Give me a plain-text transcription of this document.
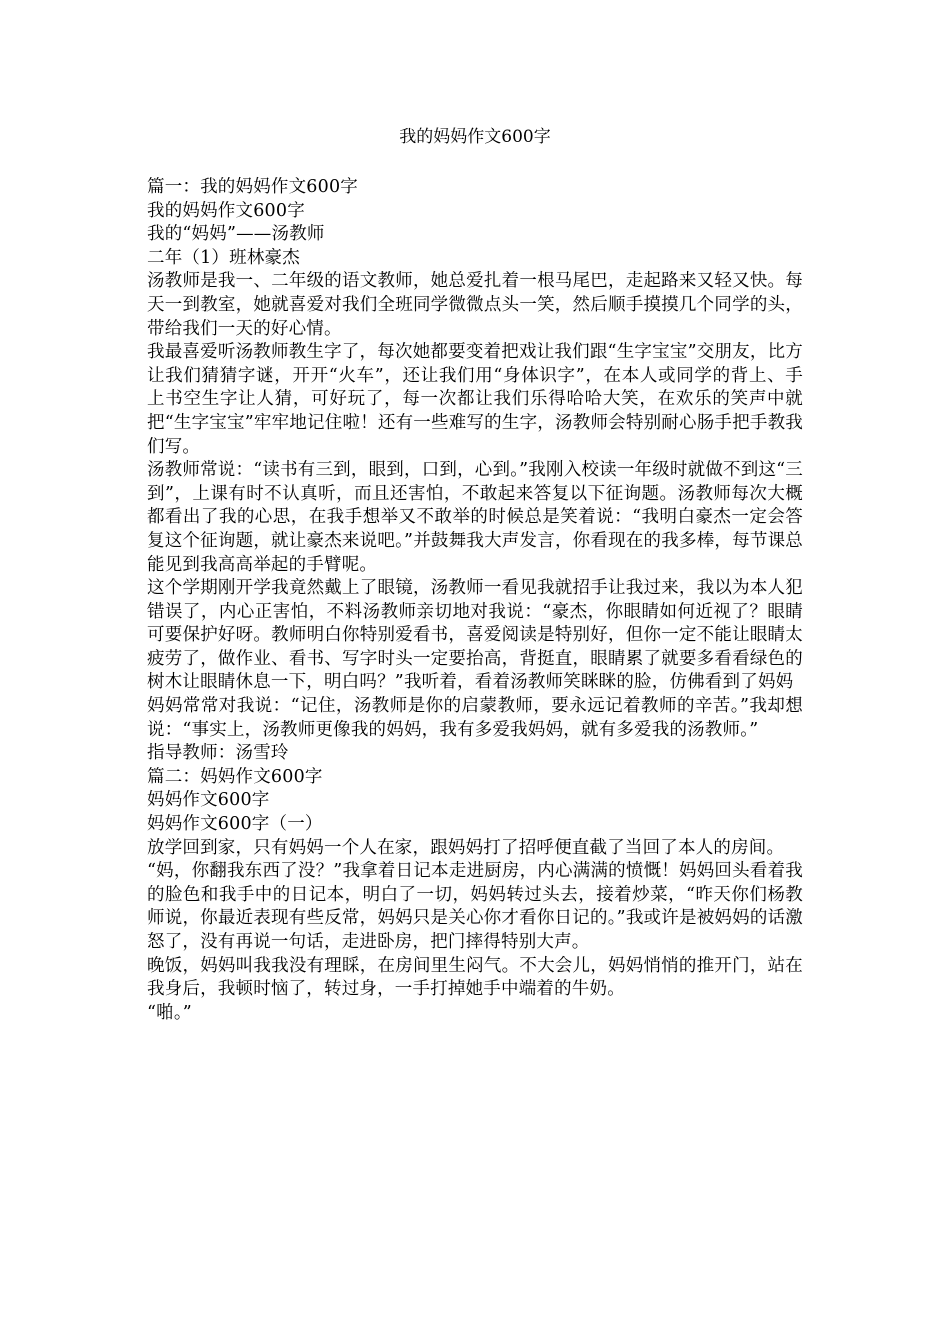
我的妈妈作文600字

篇一：我的妈妈作文600字

我的妈妈作文600字

我的“妈妈”——汤教师

二年（1）班林豪杰

汤教师是我一、二年级的语文教师，她总爱扎着一根马尾巴，走起路来又轻又快。每天一到教室，她就喜爱对我们全班同学微微点头一笑，然后顺手摸摸几个同学的头，带给我们一天的好心情。

我最喜爱听汤教师教生字了，每次她都要变着把戏让我们跟“生字宝宝”交朋友，比方让我们猜猜字谜，开开“火车”，还让我们用“身体识字”，在本人或同学的背上、手上书空生字让人猜，可好玩了，每一次都让我们乐得哈哈大笑，在欢乐的笑声中就把“生字宝宝”牢牢地记住啦！还有一些难写的生字，汤教师会特别耐心肠手把手教我们写。

汤教师常说：“读书有三到，眼到，口到，心到。”我刚入校读一年级时就做不到这“三到”，上课有时不认真听，而且还害怕，不敢起来答复以下征询题。汤教师每次大概都看出了我的心思，在我手想举又不敢举的时候总是笑着说：“我明白豪杰一定会答复这个征询题，就让豪杰来说吧。”并鼓舞我大声发言，你看现在的我多棒，每节课总能见到我高高举起的手臂呢。

这个学期刚开学我竟然戴上了眼镜，汤教师一看见我就招手让我过来，我以为本人犯错误了，内心正害怕，不料汤教师亲切地对我说：“豪杰，你眼睛如何近视了？眼睛可要保护好呀。教师明白你特别爱看书，喜爱阅读是特别好，但你一定不能让眼睛太疲劳了，做作业、看书、写字时头一定要抬高，背挺直，眼睛累了就要多看看绿色的树木让眼睛休息一下，明白吗？”我听着，看着汤教师笑眯眯的脸，仿佛看到了妈妈

妈妈常常对我说：“记住，汤教师是你的启蒙教师，要永远记着教师的辛苦。”我却想说：“事实上，汤教师更像我的妈妈，我有多爱我妈妈，就有多爱我的汤教师。”

指导教师：汤雪玲

篇二：妈妈作文600字

妈妈作文600字

妈妈作文600字（一）

放学回到家，只有妈妈一个人在家，跟妈妈打了招呼便直截了当回了本人的房间。

“妈，你翻我东西了没？”我拿着日记本走进厨房，内心满满的愤慨！妈妈回头看着我的脸色和我手中的日记本，明白了一切，妈妈转过头去，接着炒菜，“昨天你们杨教师说，你最近表现有些反常，妈妈只是关心你才看你日记的。”我或许是被妈妈的话激怒了，没有再说一句话，走进卧房，把门摔得特别大声。

晚饭，妈妈叫我我没有理睬，在房间里生闷气。不大会儿，妈妈悄悄的推开门，站在我身后，我顿时恼了，转过身，一手打掉她手中端着的牛奶。

“啪。”
